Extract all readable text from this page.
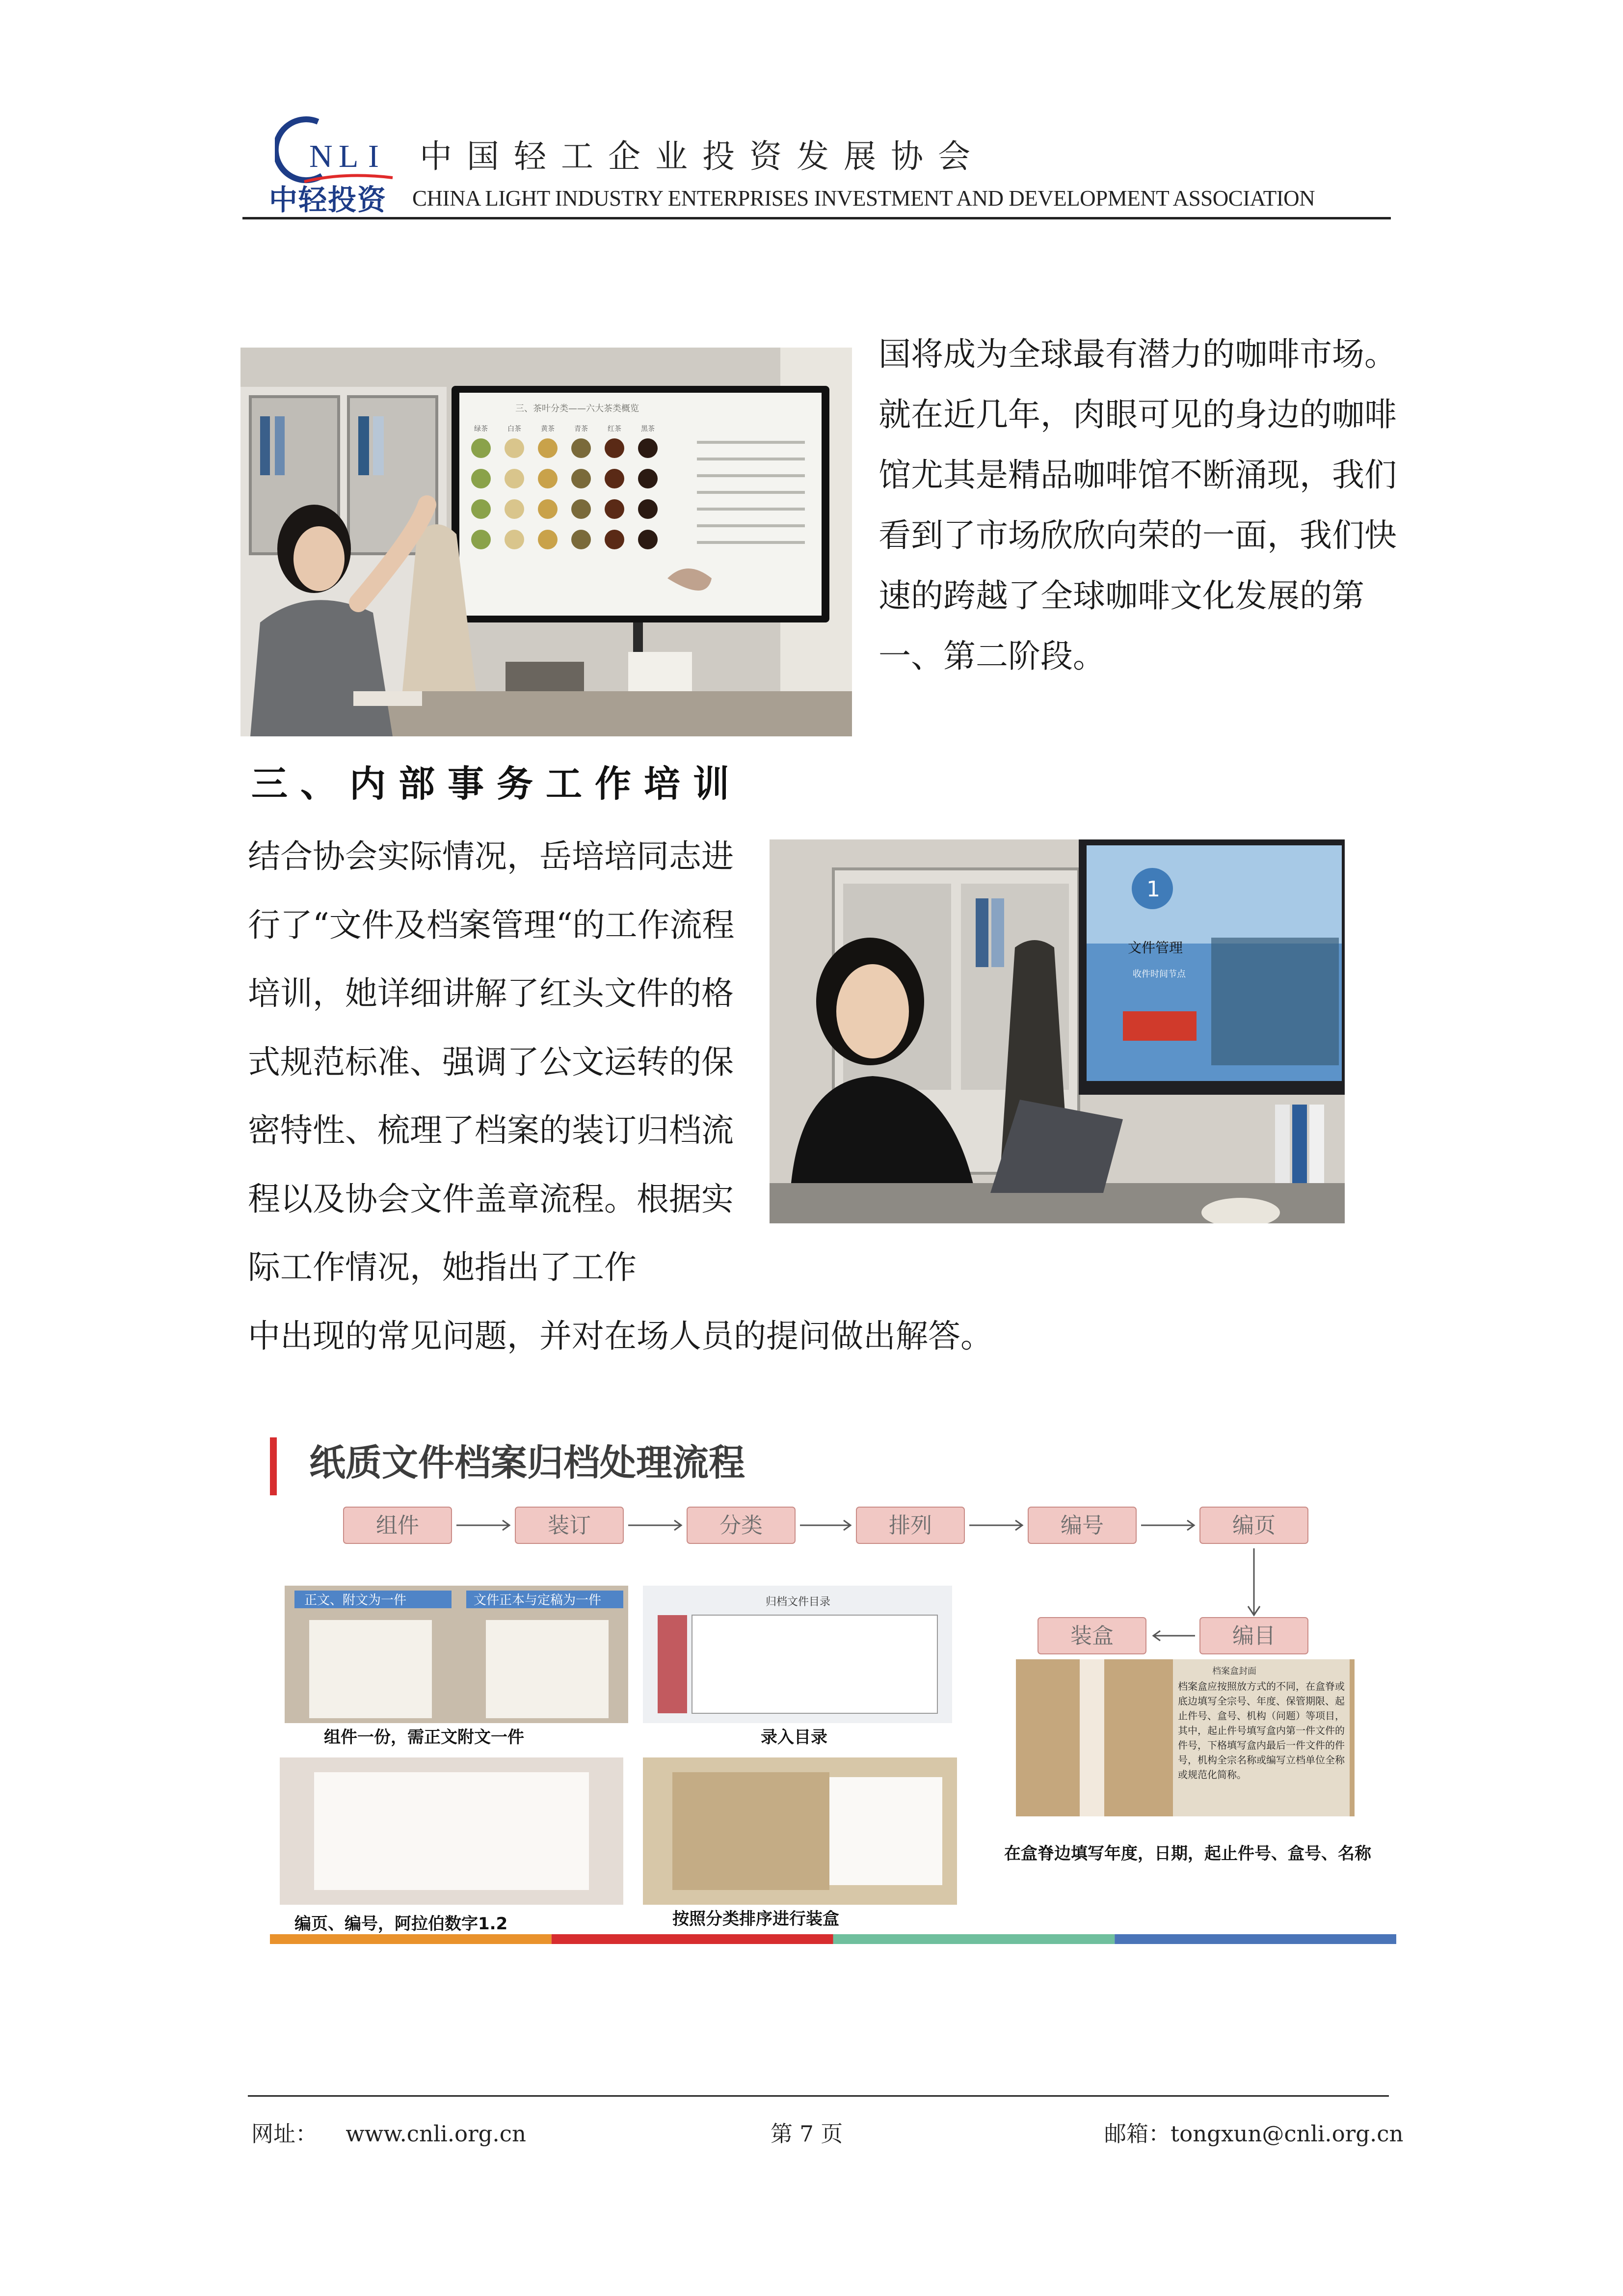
N L I
中轻投资
中国轻工企业投资发展协会
CHINA LIGHT INDUSTRY ENTERPRISES INVESTMENT AND DEVELOPMENT ASSOCIATION
三、茶叶分类——六大茶类概览
绿茶	白茶	黄茶	青茶	红茶	黑茶
国将成为全球最有潜力的咖啡市场。就在近几年，肉眼可见的身边的咖啡馆尤其是精品咖啡馆不断涌现，我们看到了市场欣欣向荣的一面，我们快速的跨越了全球咖啡文化发展的第一、第二阶段。
三、内部事务工作培训
结合协会实际情况，岳培培同志进行了“文件及档案管理“的工作流程培训，她详细讲解了红头文件的格式规范标准、强调了公文运转的保密特性、梳理了档案的装订归档流程以及协会文件盖章流程。根据实际工作情况，她指出了工作
中出现的常见问题，并对在场人员的提问做出解答。
1
文件管理
收件时间节点
纸质文件档案归档处理流程
组件	装订	分类	排列	编号	编页
装盒	编目
正文、附文为一件	文件正本与定稿为一件
组件一份，需正文附文一件
归档文件目录
录入目录
编页、编号，阿拉伯数字1.2	按照分类排序进行装盒
档案盒封面
档案盒应按照放方式的不同，在盒脊或底边填写全宗号、年度、保管期限、起止件号、盒号、机构（问题）等项目，其中，起止件号填写盒内第一件文件的件号，下格填写盒内最后一件文件的件号，机构全宗名称或编写立档单位全称或规范化简称。
在盒脊边填写年度，日期，起止件号、盒号、名称
网址： www.cnli.org.cn	第 7 页	邮箱：tongxun@cnli.org.cn
